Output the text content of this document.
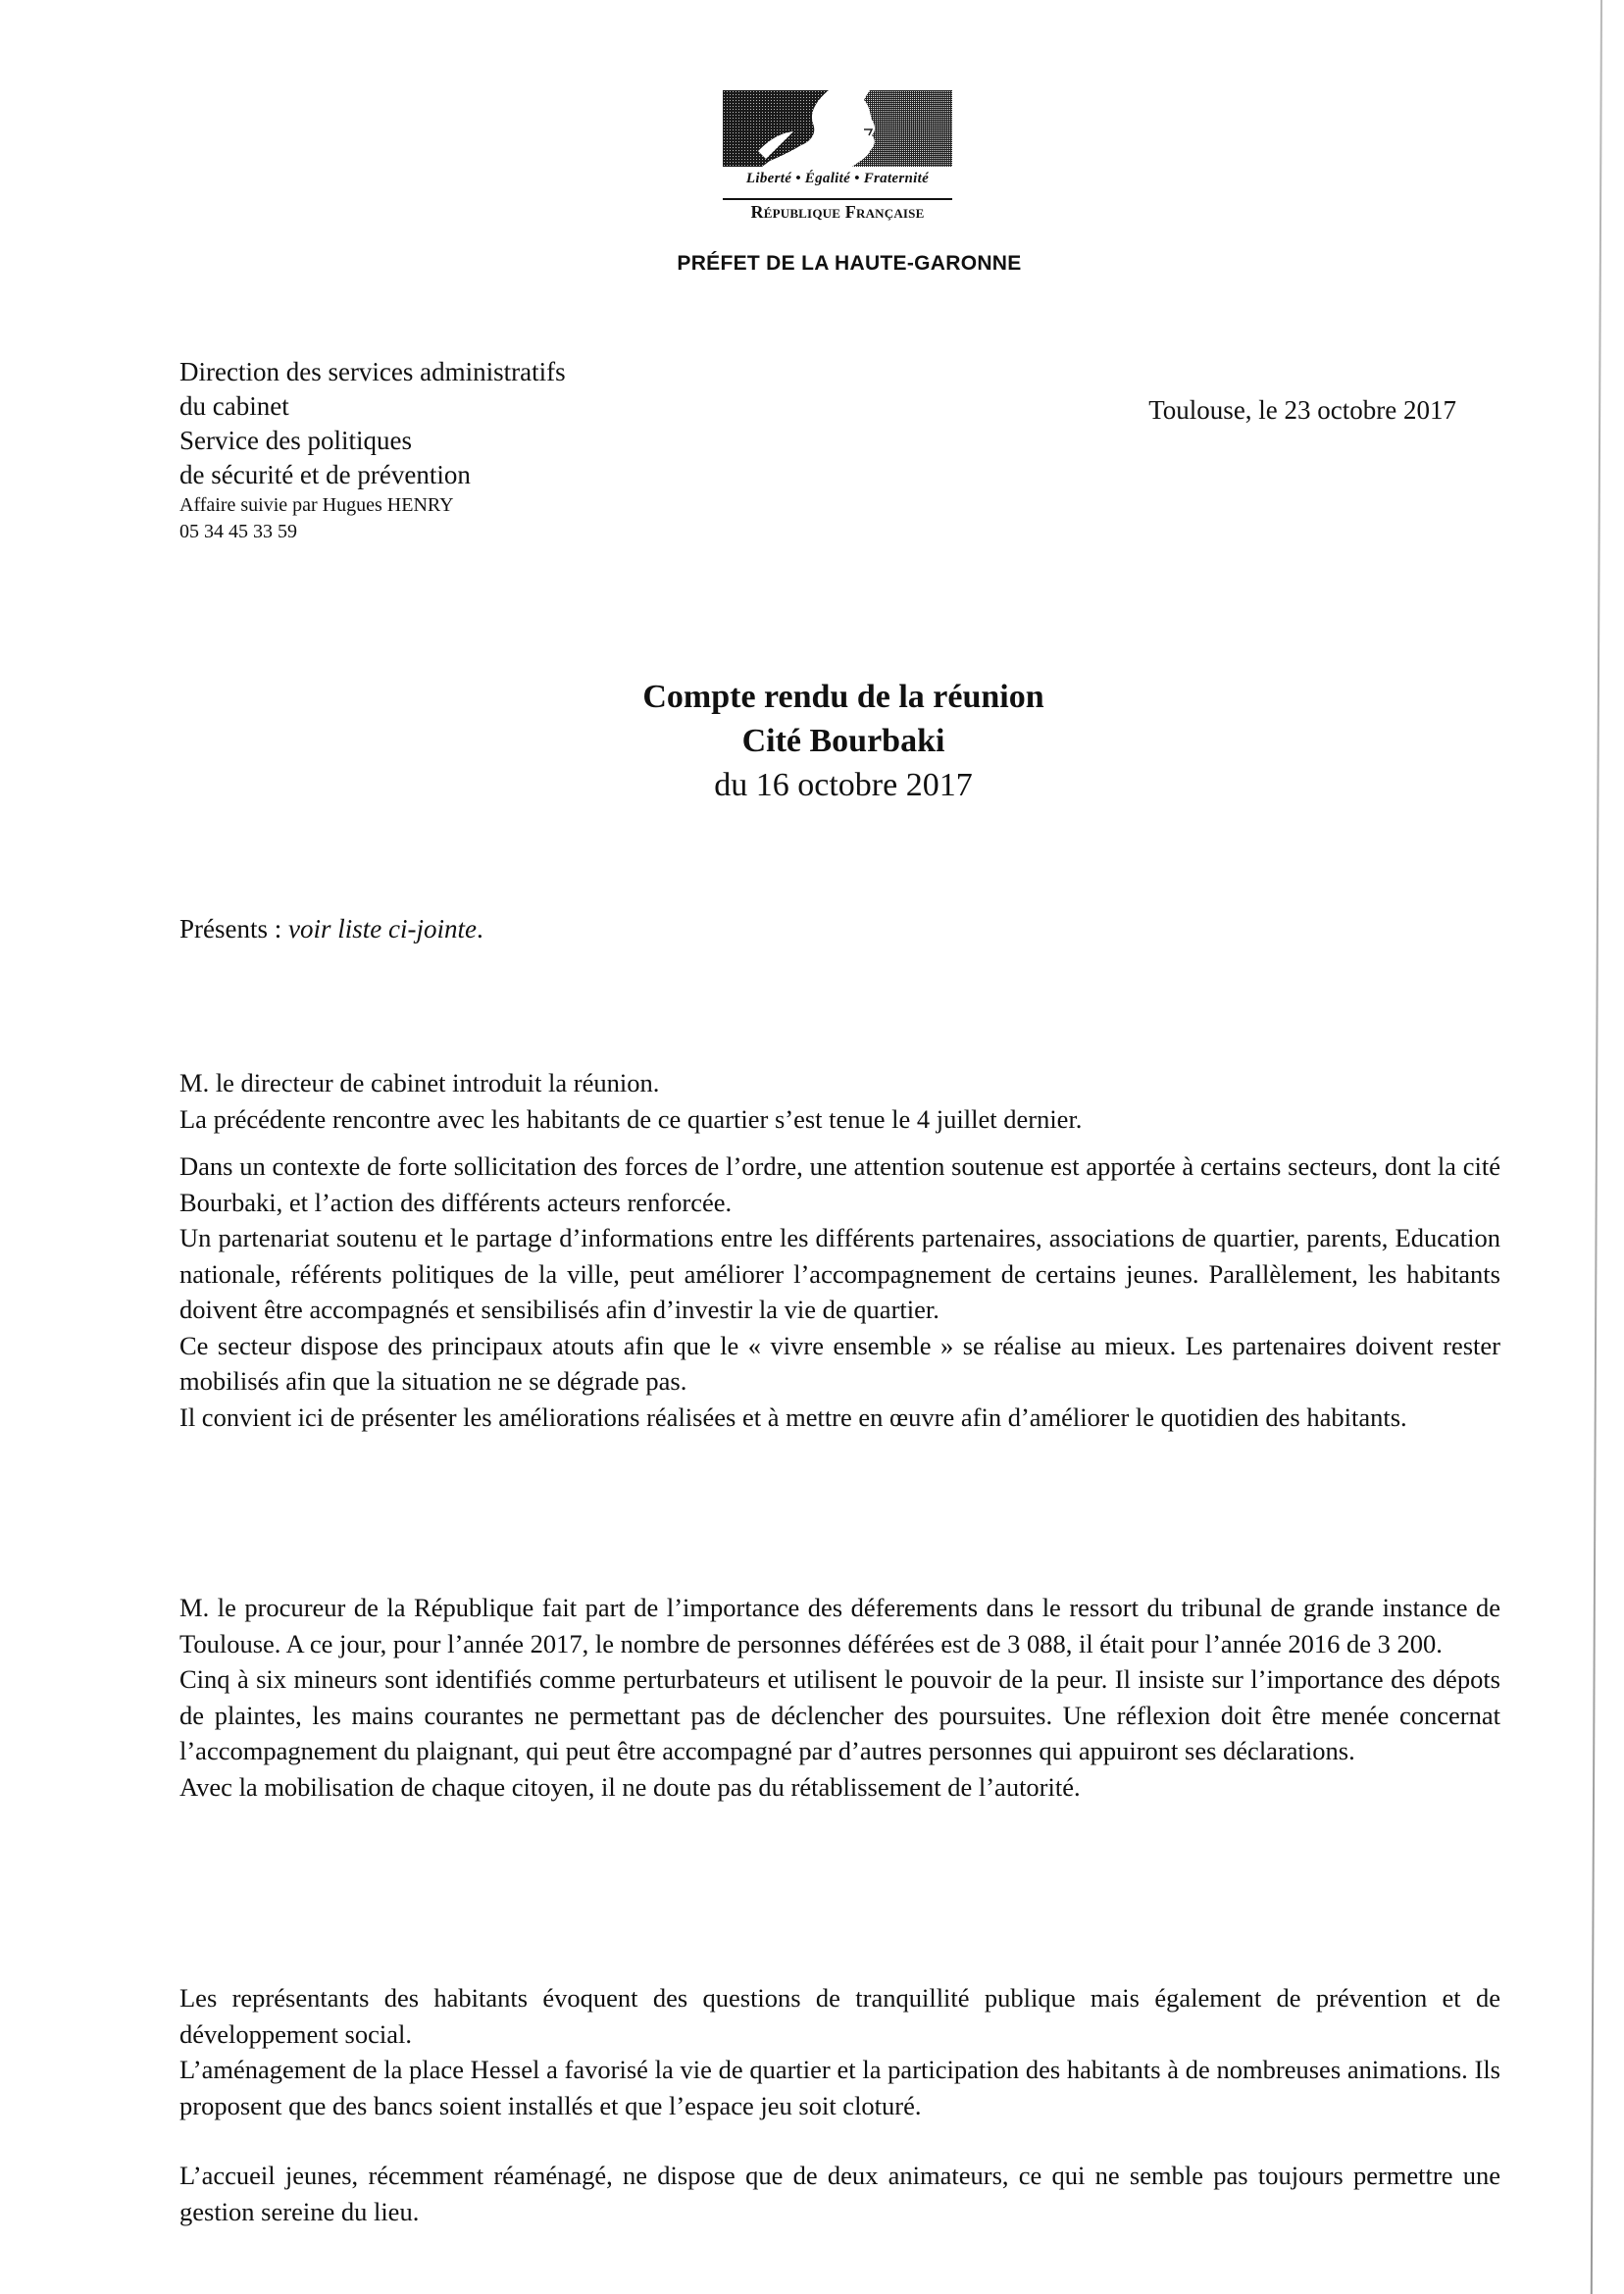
Liberté • Égalité • Fraternité
République Française
PRÉFET DE LA HAUTE-GARONNE
Direction des services administratifs
du cabinet
Service des politiques
de sécurité et de prévention
Affaire suivie par Hugues HENRY
05 34 45 33 59
Toulouse, le 23 octobre 2017
Compte rendu de la réunion
Cité Bourbaki
du 16 octobre 2017
Présents : voir liste ci-jointe.

M. le directeur de cabinet introduit la réunion.

La précédente rencontre avec les habitants de ce quartier s’est tenue le 4 juillet dernier.

Dans un contexte de forte sollicitation des forces de l’ordre, une attention soutenue est apportée à certains secteurs, dont la cité Bourbaki, et l’action des différents acteurs renforcée.

Un partenariat soutenu et le partage d’informations entre les différents partenaires, associations de quartier, parents, Education nationale, référents politiques de la ville, peut améliorer l’accompagnement de certains jeunes. Parallèlement, les habitants doivent être accompagnés et sensibilisés afin d’investir la vie de quartier.

Ce secteur dispose des principaux atouts afin que le « vivre ensemble » se réalise au mieux. Les partenaires doivent rester mobilisés afin que la situation ne se dégrade pas.

Il convient ici de présenter les améliorations réalisées et à mettre en œuvre afin d’améliorer le quotidien des habitants.

M. le procureur de la République fait part de l’importance des déferements dans le ressort du tribunal de grande instance de Toulouse. A ce jour, pour l’année 2017, le nombre de personnes déférées est de 3 088, il était pour l’année 2016 de 3 200.

Cinq à six mineurs sont identifiés comme perturbateurs et utilisent le pouvoir de la peur. Il insiste sur l’importance des dépots de plaintes, les mains courantes ne permettant pas de déclencher des poursuites. Une réflexion doit être menée concernat l’accompagnement du plaignant, qui peut être accompagné par d’autres personnes qui appuiront ses déclarations.

Avec la mobilisation de chaque citoyen, il ne doute pas du rétablissement de l’autorité.

Les représentants des habitants évoquent des questions de tranquillité publique mais également de prévention et de développement social.

L’aménagement de la place Hessel a favorisé la vie de quartier et la participation des habitants à de nombreuses animations. Ils proposent que des bancs soient installés et que l’espace jeu soit cloturé.

L’accueil jeunes, récemment réaménagé, ne dispose que de deux animateurs, ce qui ne semble pas toujours permettre une gestion sereine du lieu.
